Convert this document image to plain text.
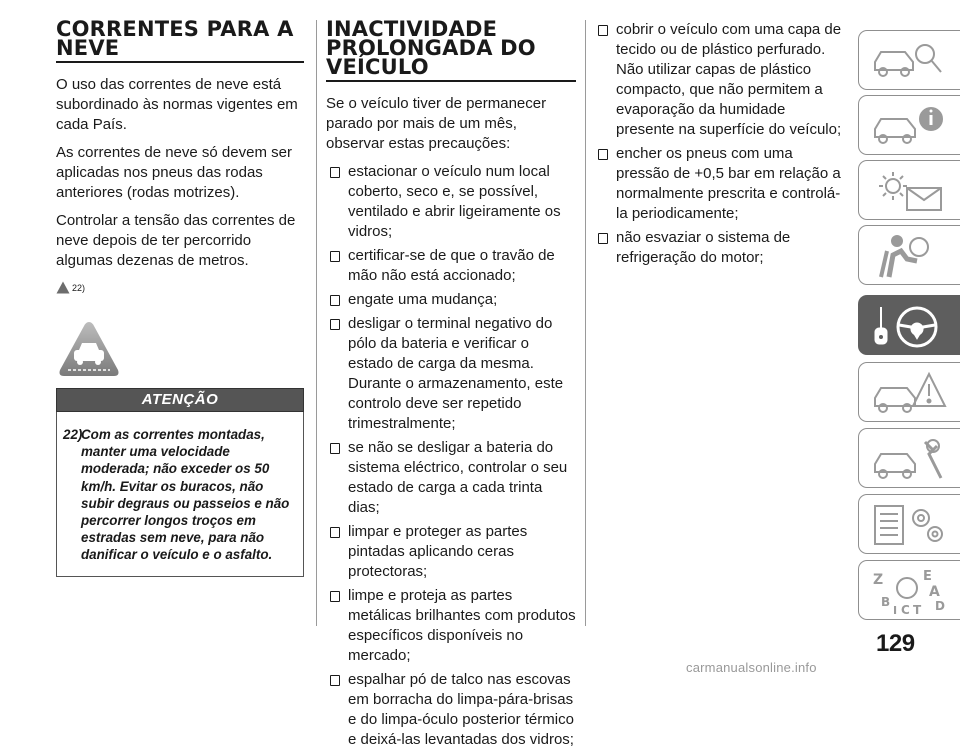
CORRENTES PARA A
NEVE

O uso das correntes de neve está subordinado às normas vigentes em cada País.

As correntes de neve só devem ser aplicadas nos pneus das rodas anteriores (rodas motrizes).

Controlar a tensão das correntes de neve depois de ter percorrido algumas dezenas de metros.

22)
ATENÇÃO
22)
Com as correntes montadas, manter uma velocidade moderada; não exceder os 50 km/h. Evitar os buracos, não subir degraus ou passeios e não percorrer longos troços em estradas sem neve, para não danificar o veículo e o asfalto.
INACTIVIDADE
PROLONGADA DO
VEÍCULO

Se o veículo tiver de permanecer parado por mais de um mês, observar estas precauções:

estacionar o veículo num local coberto, seco e, se possível, ventilado e abrir ligeiramente os vidros;
certificar-se de que o travão de mão não está accionado;
engate uma mudança;
desligar o terminal negativo do pólo da bateria e verificar o estado de carga da mesma. Durante o armazenamento, este controlo deve ser repetido trimestralmente;
se não se desligar a bateria do sistema eléctrico, controlar o seu estado de carga a cada trinta dias;
limpar e proteger as partes pintadas aplicando ceras protectoras;
limpe e proteja as partes metálicas brilhantes com produtos específicos disponíveis no mercado;
espalhar pó de talco nas escovas em borracha do limpa-pára-brisas e do limpa-óculo posterior térmico e deixá-las levantadas dos vidros;
cobrir o veículo com uma capa de tecido ou de plástico perfurado. Não utilizar capas de plástico compacto, que não permitem a evaporação da humidade presente na superfície do veículo;
encher os pneus com uma pressão de +0,5 bar em relação a normalmente prescrita e controlá-la periodicamente;
não esvaziar o sistema de refrigeração do motor;
Z
B
I C T
E
A
D
129
carmanualsonline.info
